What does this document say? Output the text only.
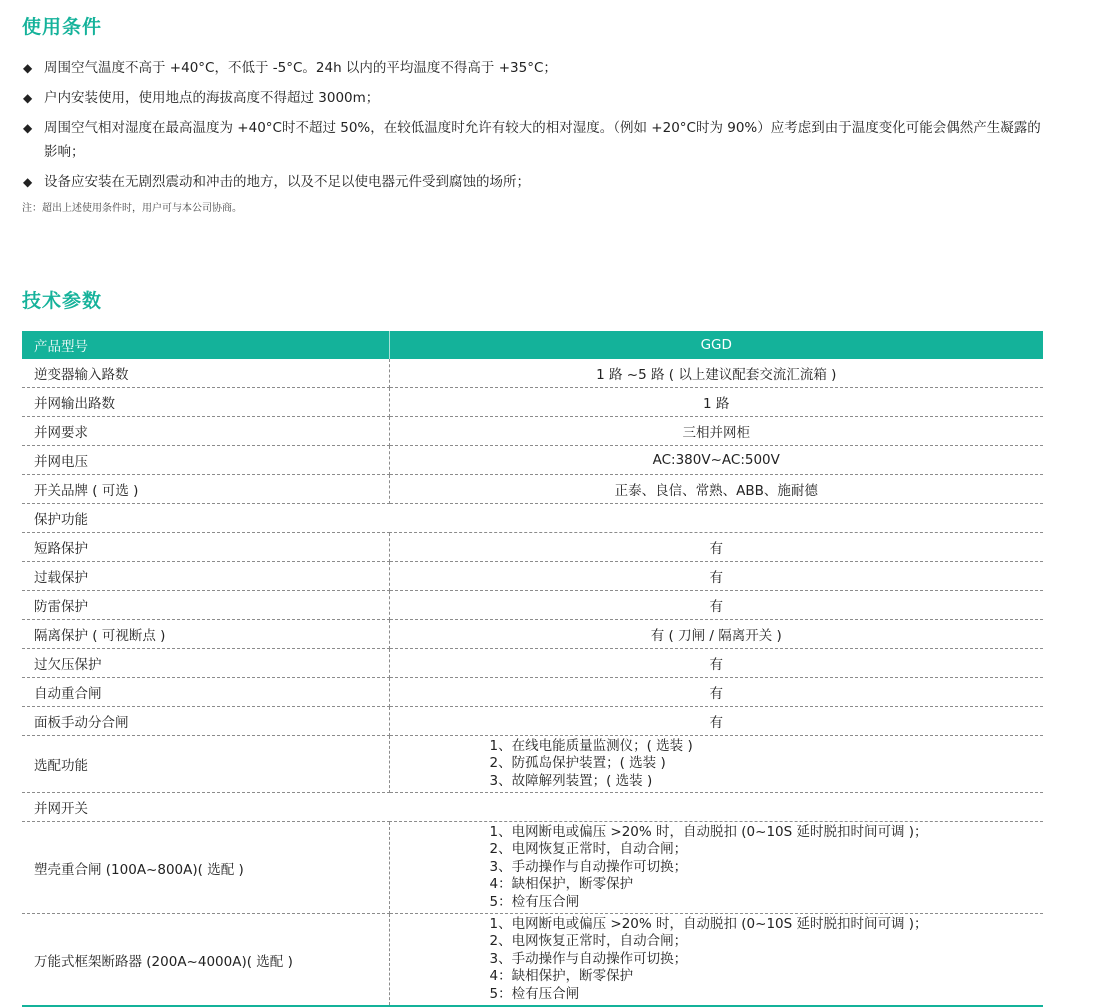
使用条件
◆ 周围空气温度不高于 +40°C，不低于 -5°C。24h 以内的平均温度不得高于 +35°C；
◆ 户内安装使用，使用地点的海拔高度不得超过 3000m；
◆ 周围空气相对湿度在最高温度为 +40°C时不超过 50%，在较低温度时允许有较大的相对湿度。（例如 +20°C时为 90%）应考虑到由于温度变化可能会偶然产生凝露的影响；
◆ 设备应安装在无剧烈震动和冲击的地方，以及不足以使电器元件受到腐蚀的场所；
注：超出上述使用条件时，用户可与本公司协商。
技术参数
产品型号	GGD
逆变器输入路数	1 路 ~5 路 ( 以上建议配套交流汇流箱 )
并网输出路数	1 路
并网要求	三相并网柜
并网电压	AC:380V~AC:500V
开关品牌 ( 可选 )	正泰、良信、常熟、ABB、施耐德
保护功能	
短路保护	有
过载保护	有
防雷保护	有
隔离保护 ( 可视断点 )	有 ( 刀闸 / 隔离开关 )
过欠压保护	有
自动重合闸	有
面板手动分合闸	有
选配功能	1、在线电能质量监测仪；( 选装 )
2、防孤岛保护装置；( 选装 )
3、故障解列装置；( 选装 )

并网开关	
塑壳重合闸 (100A~800A)( 选配 )	1、电网断电或偏压 >20% 时，自动脱扣 (0~10S 延时脱扣时间可调 )；
2、电网恢复正常时，自动合闸；
3、手动操作与自动操作可切换；
4：缺相保护，断零保护
5：检有压合闸

万能式框架断路器 (200A~4000A)( 选配 )	1、电网断电或偏压 >20% 时，自动脱扣 (0~10S 延时脱扣时间可调 )；
2、电网恢复正常时，自动合闸；
3、手动操作与自动操作可切换；
4：缺相保护，断零保护
5：检有压合闸
